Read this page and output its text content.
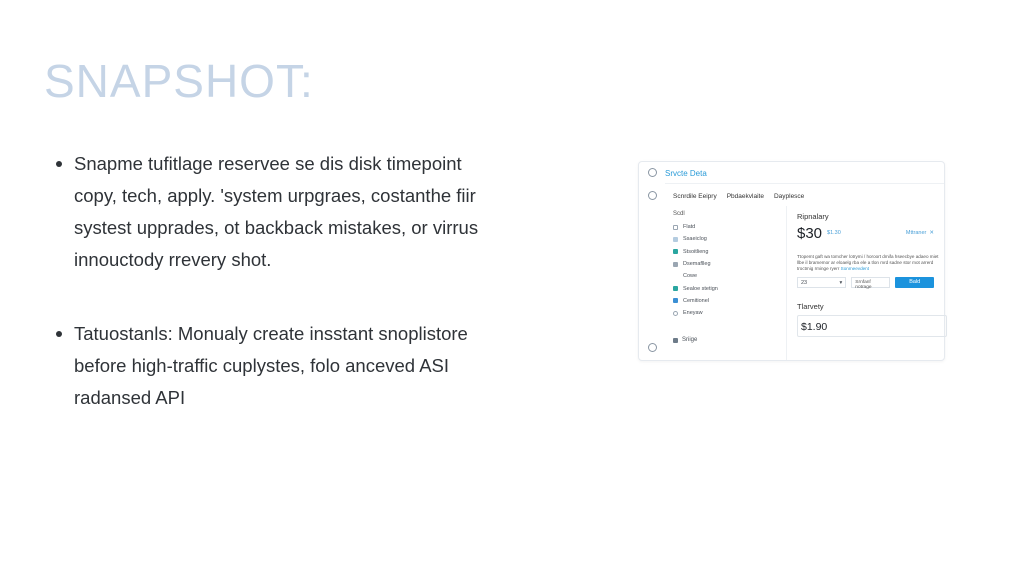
SNAPSHOT:
Snapme tufitlage reservee se dis disk timepoint copy, tech, apply. 'system urpgraes, costanthe fiir systest upprades, ot backback mistakes, or virrus innouctody rrevery shot.
Tatuostanls: Monualy create insstant snoplistore before high-traffic cuplystes, folo anceved ASI radansed API
Srvcte Deta
Scnrdile Eeipry Pbdaekvlaite Dayplesce
Scdl
Flatd
Ssaeiclog
Stsoitlieng
Dsemaflleg
Cowe
Sealoe stetign
Cemitionel
Eneyaw
Sriige
Ripnalary
$30 $1.30	Mttraner ✕
Ttopemt gaft wa tomcher lotrymi / horoort dmifa hseecbye adaeo miet llbe il bramemor ar eloaelg rba ele a tlon mrd sadne stor mot arrerd troctmig rminge ryerr Sonmeevdent
23	▾	Srnfanf notrage
Bald
Tlarvety
$1.90
